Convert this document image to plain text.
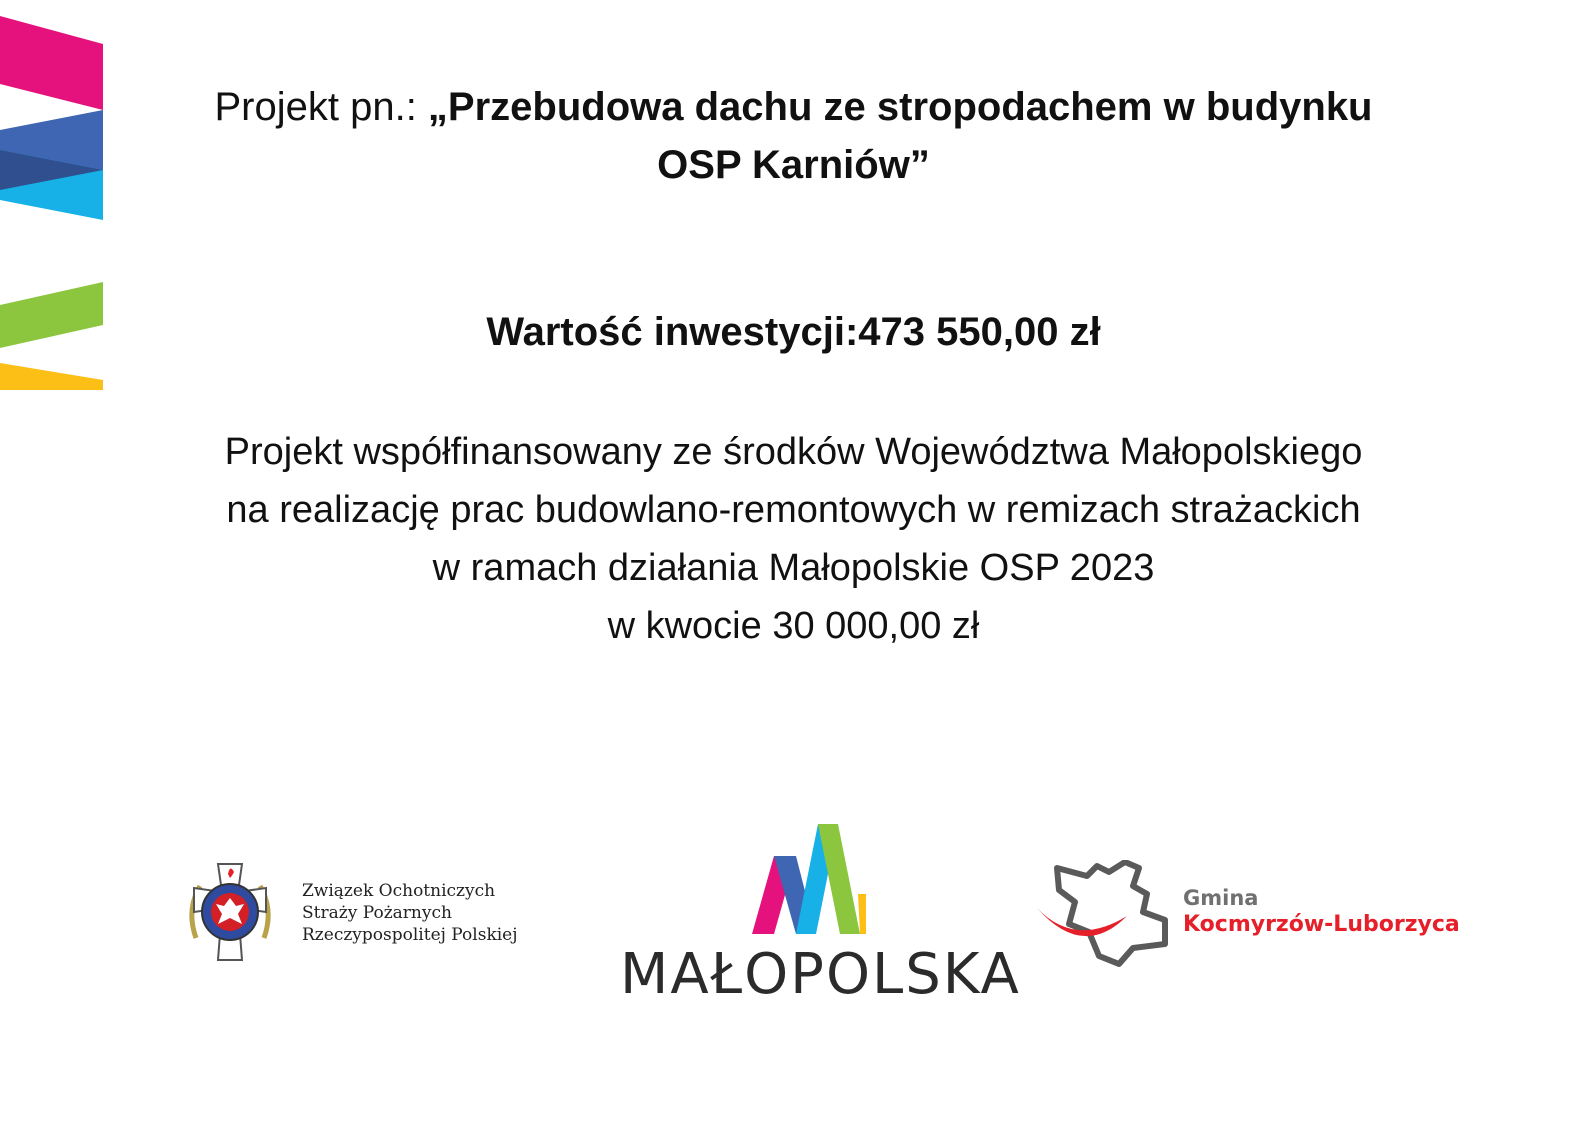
Projekt pn.: „Przebudowa dachu ze stropodachem w budynku
OSP Karniów”
Wartość inwestycji:473 550,00 zł
Projekt współfinansowany ze środków Województwa Małopolskiego
na realizację prac budowlano-remontowych w remizach strażackich
w ramach działania Małopolskie OSP 2023
w kwocie 30 000,00 zł
Związek Ochotniczych
Straży Pożarnych
Rzeczypospolitej Polskiej
MAŁOPOLSKA
Gmina
Kocmyrzów-Luborzyca
